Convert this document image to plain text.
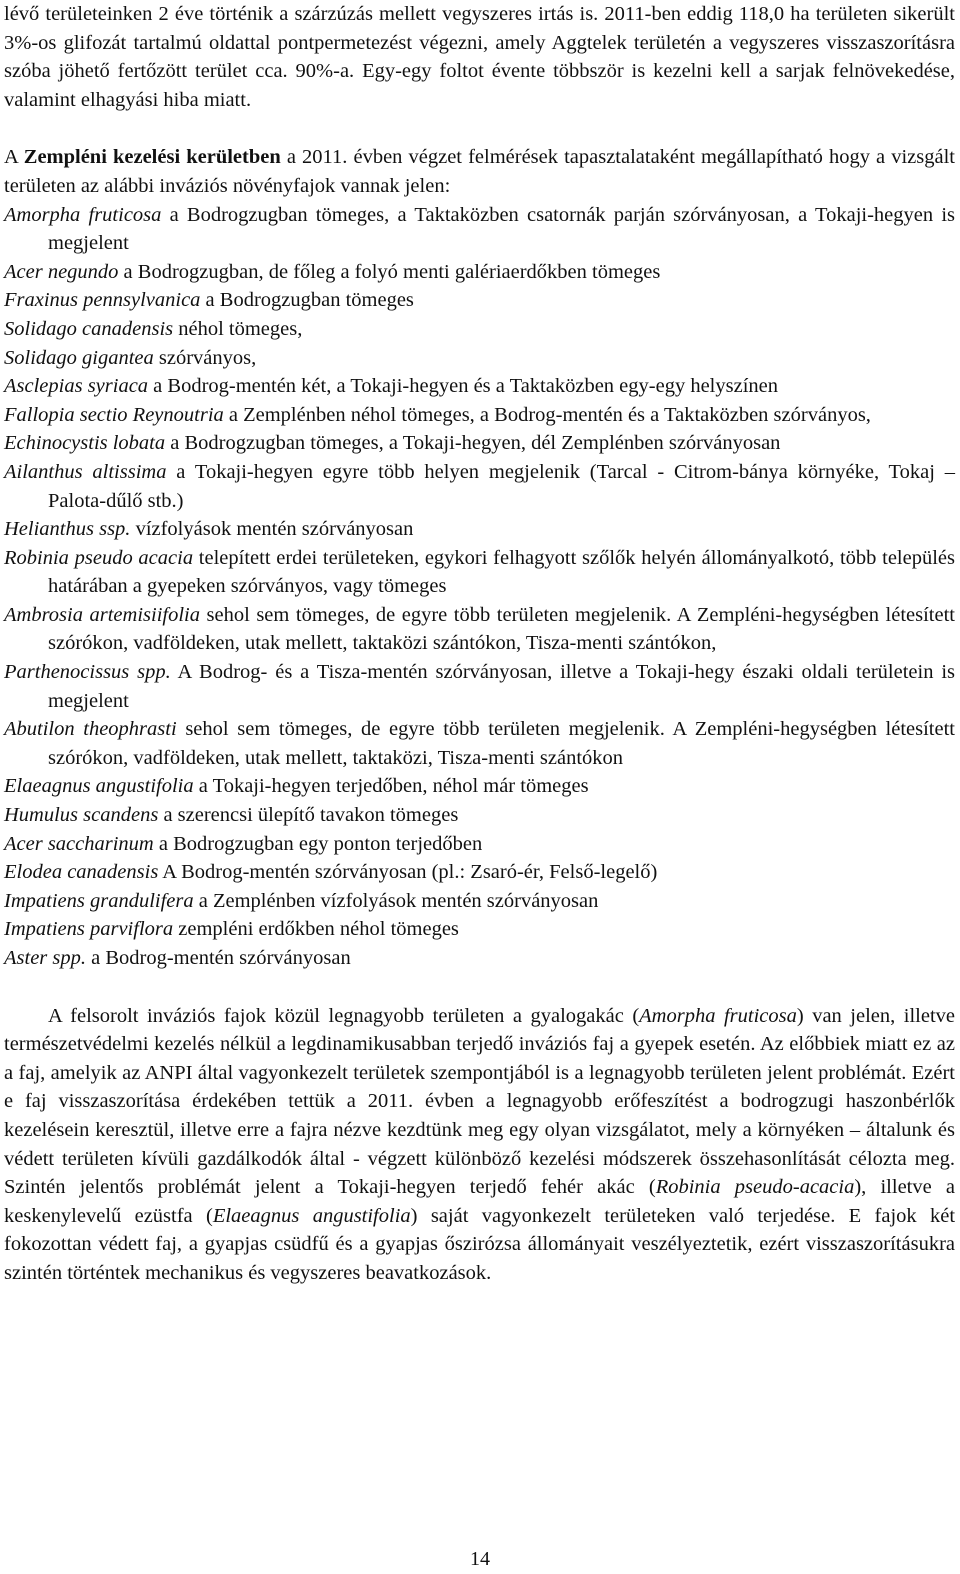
lévő területeinken 2 éve történik a szárzúzás mellett vegyszeres irtás is. 2011-ben eddig 118,0 ha területen sikerült 3%-os glifozát tartalmú oldattal pontpermetezést végezni, amely Aggtelek területén a vegyszeres visszaszorításra szóba jöhető fertőzött terület cca. 90%-a. Egy-egy foltot évente többször is kezelni kell a sarjak felnövekedése, valamint elhagyási hiba miatt.

A Zempléni kezelési kerületben a 2011. évben végzet felmérések tapasztalataként megállapítható hogy a vizsgált területen az alábbi inváziós növényfajok vannak jelen:

Amorpha fruticosa a Bodrogzugban tömeges, a Taktaközben csatornák parján szórványosan, a Tokaji-hegyen is megjelent
Acer negundo a Bodrogzugban, de főleg a folyó menti galériaerdőkben tömeges
Fraxinus pennsylvanica a Bodrogzugban tömeges
Solidago canadensis néhol tömeges,
Solidago gigantea szórványos,
Asclepias syriaca a Bodrog-mentén két, a Tokaji-hegyen és a Taktaközben egy-egy helyszínen
Fallopia sectio Reynoutria a Zemplénben néhol tömeges, a Bodrog-mentén és a Taktaközben szórványos,
Echinocystis lobata a Bodrogzugban tömeges, a Tokaji-hegyen, dél Zemplénben szórványosan
Ailanthus altissima a Tokaji-hegyen egyre több helyen megjelenik (Tarcal - Citrom-bánya környéke, Tokaj – Palota-dűlő stb.)
Helianthus ssp. vízfolyások mentén szórványosan
Robinia pseudo acacia telepített erdei területeken, egykori felhagyott szőlők helyén állományalkotó, több település határában a gyepeken szórványos, vagy tömeges
Ambrosia artemisiifolia sehol sem tömeges, de egyre több területen megjelenik. A Zempléni-hegységben létesített szórókon, vadföldeken, utak mellett, taktaközi szántókon, Tisza-menti szántókon,
Parthenocissus spp. A Bodrog- és a Tisza-mentén szórványosan, illetve a Tokaji-hegy északi oldali területein is megjelent
Abutilon theophrasti sehol sem tömeges, de egyre több területen megjelenik. A Zempléni-hegységben létesített szórókon, vadföldeken, utak mellett, taktaközi, Tisza-menti szántókon
Elaeagnus angustifolia a Tokaji-hegyen terjedőben, néhol már tömeges
Humulus scandens a szerencsi ülepítő tavakon tömeges
Acer saccharinum a Bodrogzugban egy ponton terjedőben
Elodea canadensis A Bodrog-mentén szórványosan (pl.: Zsaró-ér, Felső-legelő)
Impatiens grandulifera a Zemplénben vízfolyások mentén szórványosan
Impatiens parviflora zempléni erdőkben néhol tömeges
Aster spp. a Bodrog-mentén szórványosan

A felsorolt inváziós fajok közül legnagyobb területen a gyalogakác (Amorpha fruticosa) van jelen, illetve természetvédelmi kezelés nélkül a legdinamikusabban terjedő inváziós faj a gyepek esetén. Az előbbiek miatt ez az a faj, amelyik az ANPI által vagyonkezelt területek szempontjából is a legnagyobb területen jelent problémát. Ezért e faj visszaszorítása érdekében tettük a 2011. évben a legnagyobb erőfeszítést a bodrogzugi haszonbérlők kezelésein keresztül, illetve erre a fajra nézve kezdtünk meg egy olyan vizsgálatot, mely a környéken – általunk és védett területen kívüli gazdálkodók által - végzett különböző kezelési módszerek összehasonlítását célozta meg. Szintén jelentős problémát jelent a Tokaji-hegyen terjedő fehér akác (Robinia pseudo-acacia), illetve a keskenylevelű ezüstfa (Elaeagnus angustifolia) saját vagyonkezelt területeken való terjedése. E fajok két fokozottan védett faj, a gyapjas csüdfű és a gyapjas őszirózsa állományait veszélyeztetik, ezért visszaszorításukra szintén történtek mechanikus és vegyszeres beavatkozások.

14
